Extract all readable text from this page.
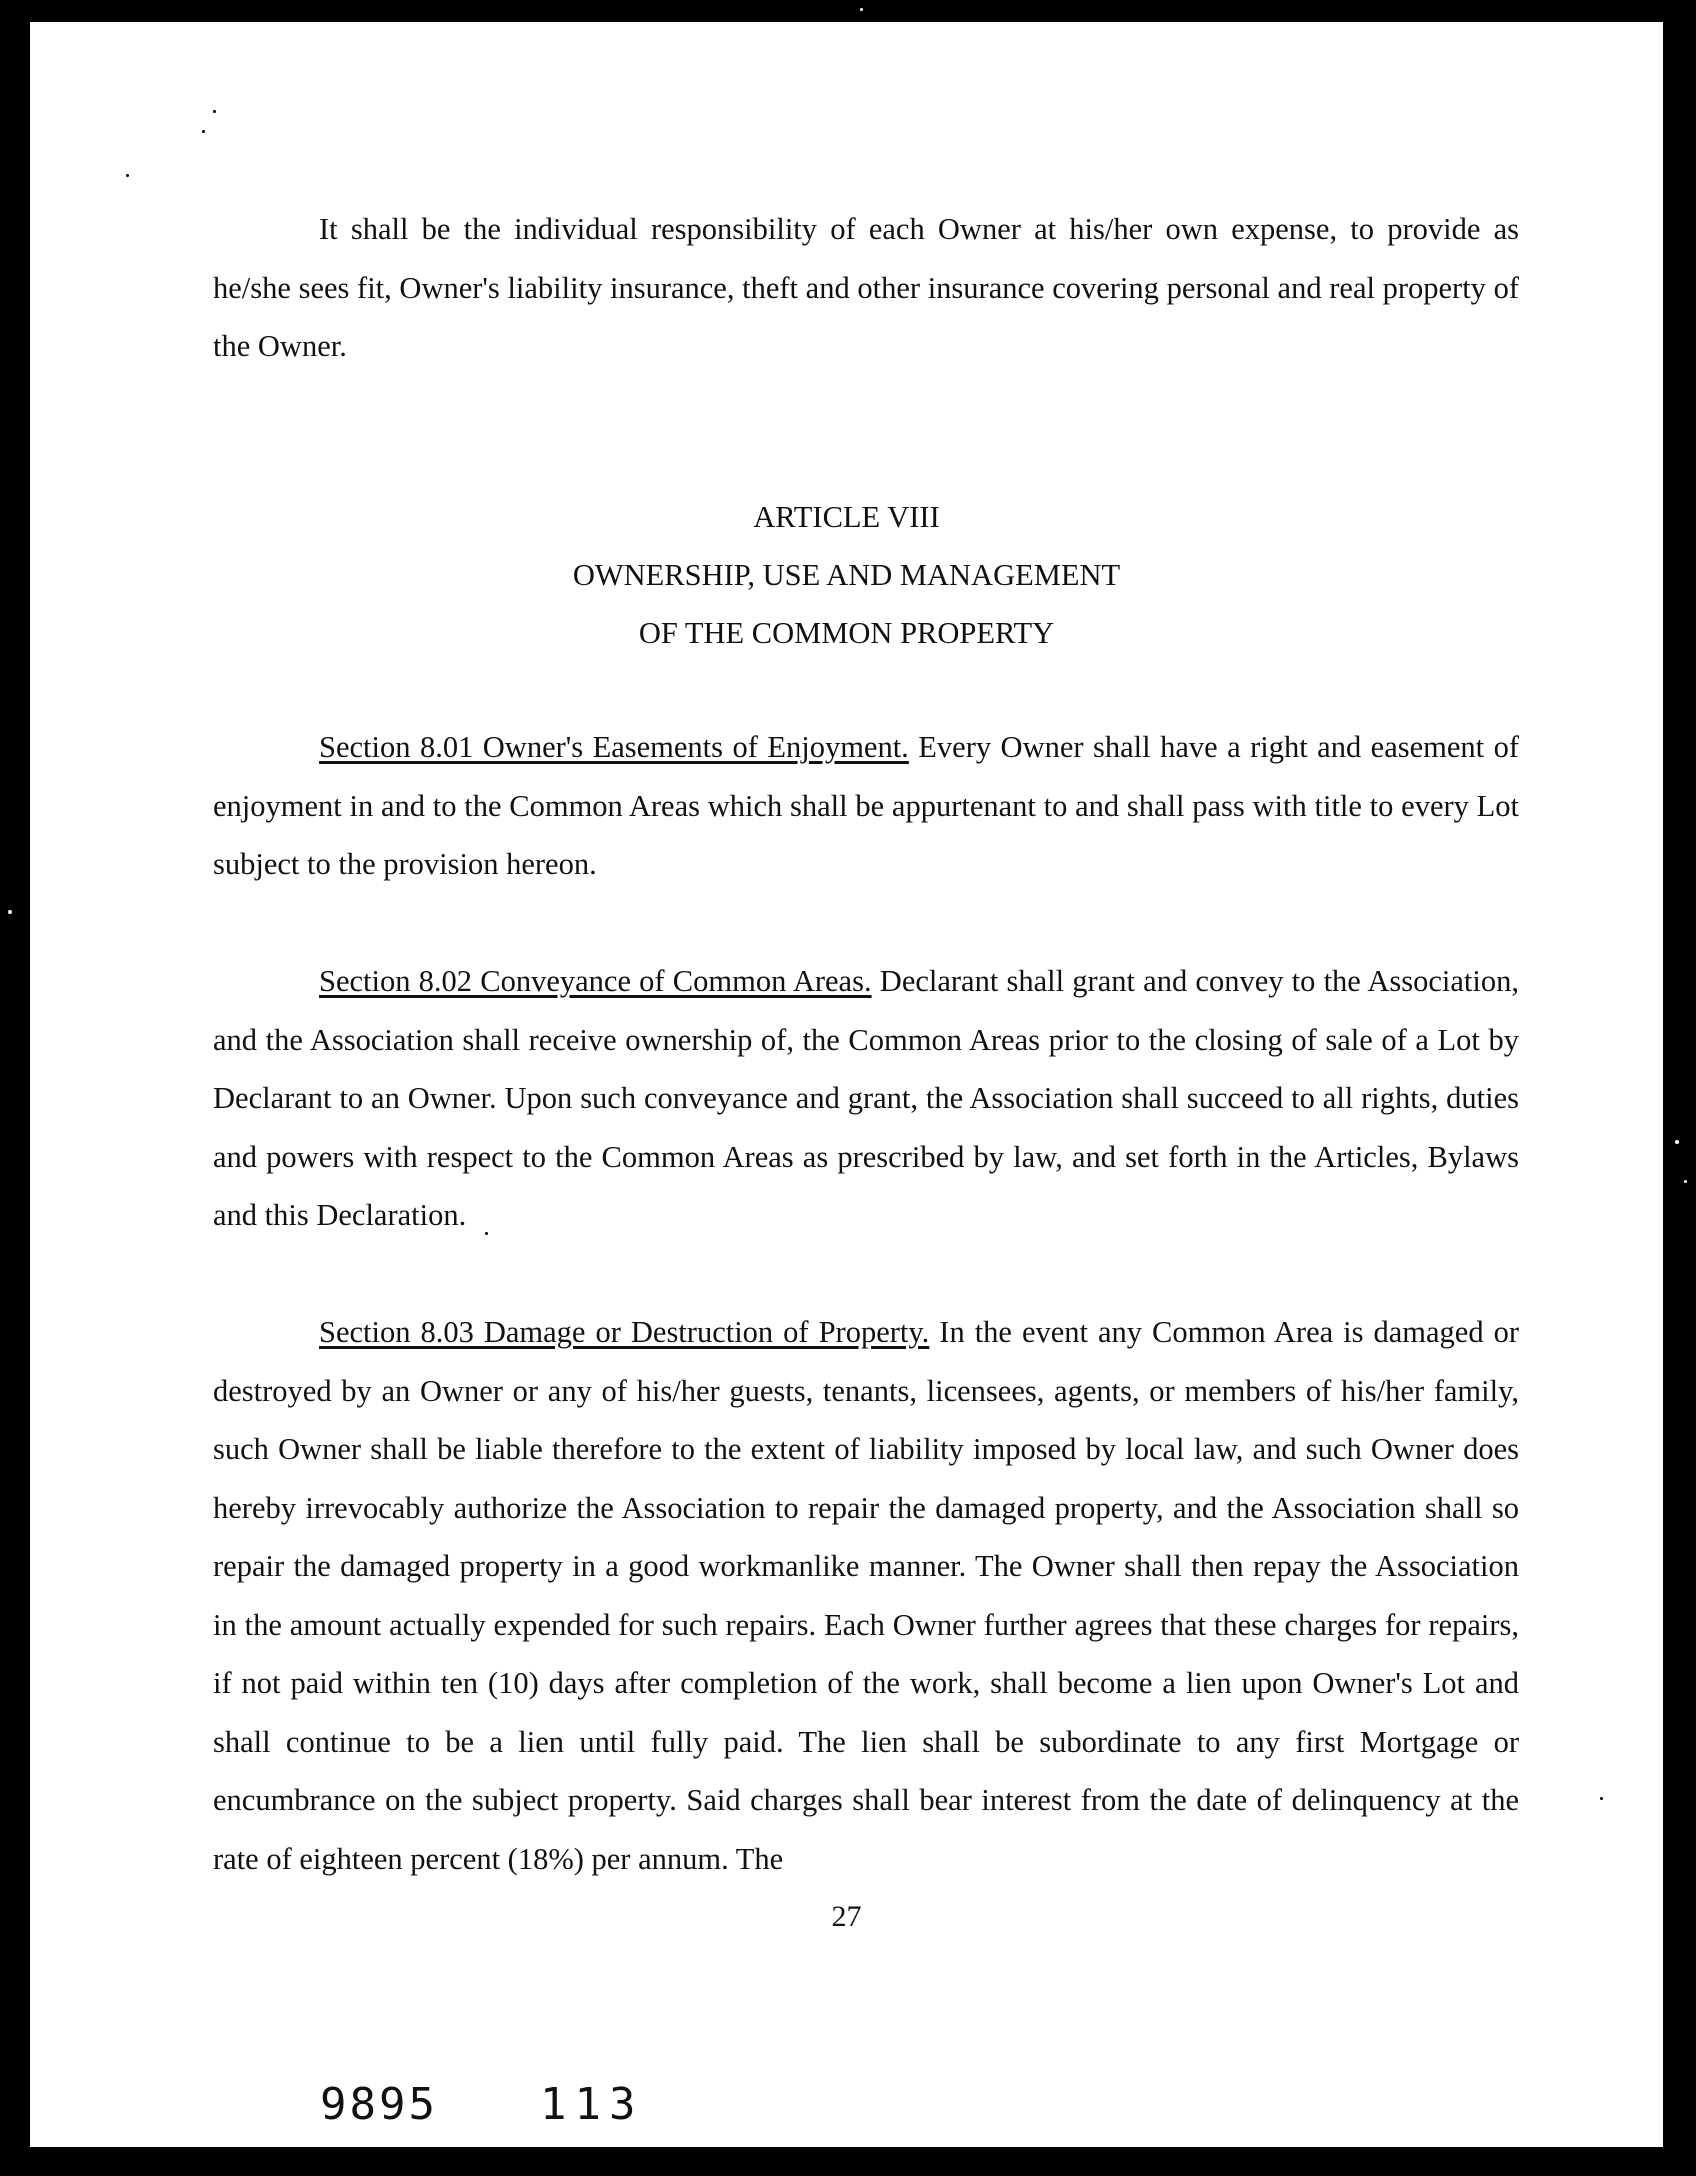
It shall be the individual responsibility of each Owner at his/her own expense, to provide as he/she sees fit, Owner's liability insurance, theft and other insurance covering personal and real property of the Owner.

ARTICLE VIII

OWNERSHIP, USE AND MANAGEMENT

OF THE COMMON PROPERTY

Section 8.01 Owner's Easements of Enjoyment. Every Owner shall have a right and easement of enjoyment in and to the Common Areas which shall be appurtenant to and shall pass with title to every Lot subject to the provision hereon.

Section 8.02 Conveyance of Common Areas. Declarant shall grant and convey to the Association, and the Association shall receive ownership of, the Common Areas prior to the closing of sale of a Lot by Declarant to an Owner. Upon such conveyance and grant, the Association shall succeed to all rights, duties and powers with respect to the Common Areas as prescribed by law, and set forth in the Articles, Bylaws and this Declaration.

Section 8.03 Damage or Destruction of Property. In the event any Common Area is damaged or destroyed by an Owner or any of his/her guests, tenants, licensees, agents, or members of his/her family, such Owner shall be liable therefore to the extent of liability imposed by local law, and such Owner does hereby irrevocably authorize the Association to repair the damaged property, and the Association shall so repair the damaged property in a good workmanlike manner. The Owner shall then repay the Association in the amount actually expended for such repairs. Each Owner further agrees that these charges for repairs, if not paid within ten (10) days after completion of the work, shall become a lien upon Owner's Lot and shall continue to be a lien until fully paid. The lien shall be subordinate to any first Mortgage or encumbrance on the subject property. Said charges shall bear interest from the date of delinquency at the rate of eighteen percent (18%) per annum. The

27
9895 113
